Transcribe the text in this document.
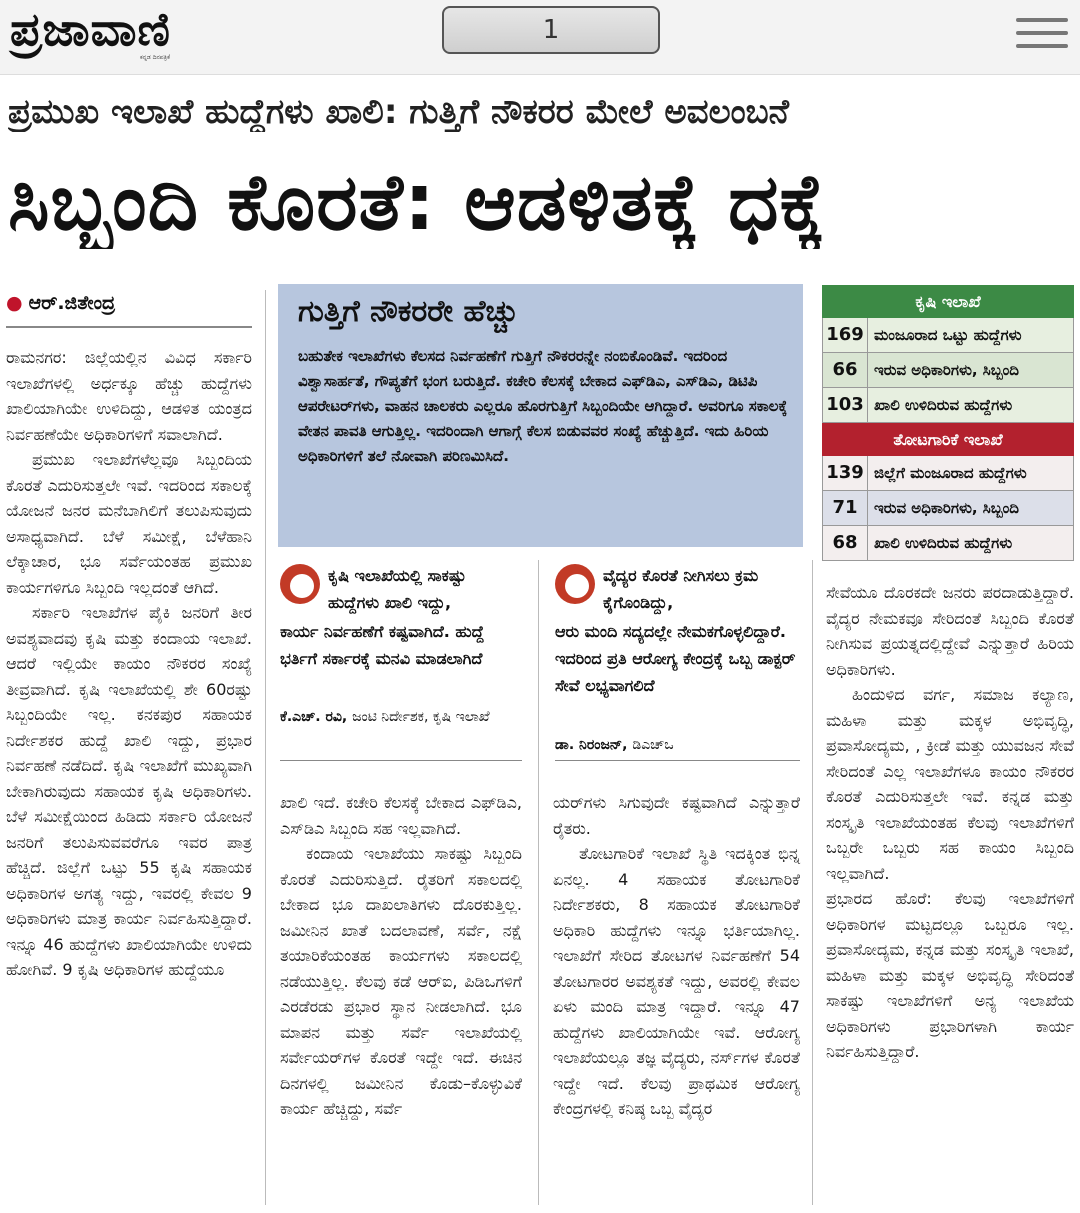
ಪ್ರಜಾವಾಣಿ
ಕನ್ನಡ ದಿನಪತ್ರಿಕೆ
1
ಪ್ರಮುಖ ಇಲಾಖೆ ಹುದ್ದೆಗಳು ಖಾಲಿ: ಗುತ್ತಿಗೆ ನೌಕರರ ಮೇಲೆ ಅವಲಂಬನೆ
ಸಿಬ್ಬಂದಿ ಕೊರತೆ: ಆಡಳಿತಕ್ಕೆ ಧಕ್ಕೆ
● ಆರ್.ಜಿತೇಂದ್ರ

ರಾಮನಗರ: ಜಿಲ್ಲೆಯಲ್ಲಿನ ವಿವಿಧ ಸರ್ಕಾರಿ ಇಲಾಖೆಗಳಲ್ಲಿ ಅರ್ಧಕ್ಕೂ ಹೆಚ್ಚು ಹುದ್ದೆಗಳು ಖಾಲಿಯಾಗಿಯೇ ಉಳಿದಿದ್ದು, ಆಡಳಿತ ಯಂತ್ರದ ನಿರ್ವಹಣೆಯೇ ಅಧಿಕಾರಿಗಳಿಗೆ ಸವಾಲಾಗಿದೆ.

ಪ್ರಮುಖ ಇಲಾಖೆಗಳೆಲ್ಲವೂ ಸಿಬ್ಬಂದಿಯ ಕೊರತೆ ಎದುರಿಸುತ್ತಲೇ ಇವೆ. ಇದರಿಂದ ಸಕಾಲಕ್ಕೆ ಯೋಜನೆ ಜನರ ಮನೆಬಾಗಿಲಿಗೆ ತಲುಪಿಸುವುದು ಅಸಾಧ್ಯವಾಗಿದೆ. ಬೆಳೆ ಸಮೀಕ್ಷೆ, ಬೆಳೆಹಾನಿ ಲೆಕ್ಕಾಚಾರ, ಭೂ ಸರ್ವೆಯಂತಹ ಪ್ರಮುಖ ಕಾರ್ಯಗಳಿಗೂ ಸಿಬ್ಬಂದಿ ಇಲ್ಲದಂತೆ ಆಗಿದೆ.

ಸರ್ಕಾರಿ ಇಲಾಖೆಗಳ ಪೈಕಿ ಜನರಿಗೆ ತೀರ ಅವಶ್ಯವಾದವು ಕೃಷಿ ಮತ್ತು ಕಂದಾಯ ಇಲಾಖೆ. ಆದರೆ ಇಲ್ಲಿಯೇ ಕಾಯಂ ನೌಕರರ ಸಂಖ್ಯೆ ತೀವ್ರವಾಗಿದೆ. ಕೃಷಿ ಇಲಾಖೆಯಲ್ಲಿ ಶೇ 60ರಷ್ಟು ಸಿಬ್ಬಂದಿಯೇ ಇಲ್ಲ. ಕನಕಪುರ ಸಹಾಯಕ ನಿರ್ದೇಶಕರ ಹುದ್ದೆ ಖಾಲಿ ಇದ್ದು, ಪ್ರಭಾರ ನಿರ್ವಹಣೆ ನಡೆದಿದೆ. ಕೃಷಿ ಇಲಾಖೆಗೆ ಮುಖ್ಯವಾಗಿ ಬೇಕಾಗಿರುವುದು ಸಹಾಯಕ ಕೃಷಿ ಅಧಿಕಾರಿಗಳು. ಬೆಳೆ ಸಮೀಕ್ಷೆಯಿಂದ ಹಿಡಿದು ಸರ್ಕಾರಿ ಯೋಜನೆ ಜನರಿಗೆ ತಲುಪಿಸುವವರೆಗೂ ಇವರ ಪಾತ್ರ ಹೆಚ್ಚಿದೆ. ಜಿಲ್ಲೆಗೆ ಒಟ್ಟು 55 ಕೃಷಿ ಸಹಾಯಕ ಅಧಿಕಾರಿಗಳ ಅಗತ್ಯ ಇದ್ದು, ಇವರಲ್ಲಿ ಕೇವಲ 9 ಅಧಿಕಾರಿಗಳು ಮಾತ್ರ ಕಾರ್ಯ ನಿರ್ವಹಿಸುತ್ತಿದ್ದಾರೆ. ಇನ್ನೂ 46 ಹುದ್ದೆಗಳು ಖಾಲಿಯಾಗಿಯೇ ಉಳಿದು ಹೋಗಿವೆ. 9 ಕೃಷಿ ಅಧಿಕಾರಿಗಳ ಹುದ್ದೆಯೂ

ಗುತ್ತಿಗೆ ನೌಕರರೇ ಹೆಚ್ಚು
ಬಹುತೇಕ ಇಲಾಖೆಗಳು ಕೆಲಸದ ನಿರ್ವಹಣೆಗೆ ಗುತ್ತಿಗೆ ನೌಕರರನ್ನೇ ನಂಬಿಕೊಂಡಿವೆ. ಇದರಿಂದ ವಿಶ್ವಾಸಾರ್ಹತೆ, ಗೌಪ್ಯತೆಗೆ ಭಂಗ ಬರುತ್ತಿದೆ. ಕಚೇರಿ ಕೆಲಸಕ್ಕೆ ಬೇಕಾದ ಎಫ್‌ಡಿಎ, ಎಸ್‌ಡಿಎ, ಡಿಟಿಪಿ ಆಪರೇಟರ್‌ಗಳು, ವಾಹನ ಚಾಲಕರು ಎಲ್ಲರೂ ಹೊರಗುತ್ತಿಗೆ ಸಿಬ್ಬಂದಿಯೇ ಆಗಿದ್ದಾರೆ. ಅವರಿಗೂ ಸಕಾಲಕ್ಕೆ ವೇತನ ಪಾವತಿ ಆಗುತ್ತಿಲ್ಲ. ಇದರಿಂದಾಗಿ ಆಗಾಗ್ಗೆ ಕೆಲಸ ಬಿಡುವವರ ಸಂಖ್ಯೆ ಹೆಚ್ಚುತ್ತಿದೆ. ಇದು ಹಿರಿಯ ಅಧಿಕಾರಿಗಳಿಗೆ ತಲೆ ನೋವಾಗಿ ಪರಿಣಮಿಸಿದೆ.
ಕೃಷಿ ಇಲಾಖೆಯಲ್ಲಿ ಸಾಕಷ್ಟು ಹುದ್ದೆಗಳು ಖಾಲಿ ಇದ್ದು,
ಕಾರ್ಯ ನಿರ್ವಹಣೆಗೆ ಕಷ್ಟವಾಗಿದೆ. ಹುದ್ದೆ ಭರ್ತಿಗೆ ಸರ್ಕಾರಕ್ಕೆ ಮನವಿ ಮಾಡಲಾಗಿದೆ
ಕೆ.ಎಚ್‌. ರವಿ, ಜಂಟಿ ನಿರ್ದೇಶಕ, ಕೃಷಿ ಇಲಾಖೆ
ವೈದ್ಯರ ಕೊರತೆ ನೀಗಿಸಲು ಕ್ರಮ ಕೈಗೊಂಡಿದ್ದು,
ಆರು ಮಂದಿ ಸದ್ಯದಲ್ಲೇ ನೇಮಕಗೊಳ್ಳಲಿದ್ದಾರೆ. ಇದರಿಂದ ಪ್ರತಿ ಆರೋಗ್ಯ ಕೇಂದ್ರಕ್ಕೆ ಒಬ್ಬ ಡಾಕ್ಟರ್‌ ಸೇವೆ ಲಭ್ಯವಾಗಲಿದೆ
ಡಾ. ನಿರಂಜನ್‌, ಡಿಎಚ್‌ಒ

ಖಾಲಿ ಇದೆ. ಕಚೇರಿ ಕೆಲಸಕ್ಕೆ ಬೇಕಾದ ಎಫ್‌ಡಿಎ, ಎಸ್‌ಡಿಎ ಸಿಬ್ಬಂದಿ ಸಹ ಇಲ್ಲವಾಗಿದೆ.

ಕಂದಾಯ ಇಲಾಖೆಯು ಸಾಕಷ್ಟು ಸಿಬ್ಬಂದಿ ಕೊರತೆ ಎದುರಿಸುತ್ತಿದೆ. ರೈತರಿಗೆ ಸಕಾಲದಲ್ಲಿ ಬೇಕಾದ ಭೂ ದಾಖಲಾತಿಗಳು ದೊರಕುತ್ತಿಲ್ಲ. ಜಮೀನಿನ ಖಾತೆ ಬದಲಾವಣೆ, ಸರ್ವೆ, ನಕ್ಷೆ ತಯಾರಿಕೆಯಂತಹ ಕಾರ್ಯಗಳು ಸಕಾಲದಲ್ಲಿ ನಡೆಯುತ್ತಿಲ್ಲ. ಕೆಲವು ಕಡೆ ಆರ್‌ಐ, ಪಿಡಿಒಗಳಿಗೆ ಎರಡೆರಡು ಪ್ರಭಾರ ಸ್ಥಾನ ನೀಡಲಾಗಿದೆ. ಭೂ ಮಾಪನ ಮತ್ತು ಸರ್ವೆ ಇಲಾಖೆಯಲ್ಲಿ ಸರ್ವೇಯರ್‌ಗಳ ಕೊರತೆ ಇದ್ದೇ ಇದೆ. ಈಚಿನ ದಿನಗಳಲ್ಲಿ ಜಮೀನಿನ ಕೊಡು–ಕೊಳ್ಳುವಿಕೆ ಕಾರ್ಯ ಹೆಚ್ಚಿದ್ದು, ಸರ್ವೆ

ಯರ್‌ಗಳು ಸಿಗುವುದೇ ಕಷ್ಟವಾಗಿದೆ ಎನ್ನುತ್ತಾರೆ ರೈತರು.

ತೋಟಗಾರಿಕೆ ಇಲಾಖೆ ಸ್ಥಿತಿ ಇದಕ್ಕಿಂತ ಭಿನ್ನ ಏನಲ್ಲ. 4 ಸಹಾಯಕ ತೋಟಗಾರಿಕೆ ನಿರ್ದೇಶಕರು, 8 ಸಹಾಯಕ ತೋಟಗಾರಿಕೆ ಅಧಿಕಾರಿ ಹುದ್ದೆಗಳು ಇನ್ನೂ ಭರ್ತಿಯಾಗಿಲ್ಲ. ಇಲಾಖೆಗೆ ಸೇರಿದ ತೋಟಗಳ ನಿರ್ವಹಣೆಗೆ 54 ತೋಟಗಾರರ ಅವಶ್ಯಕತೆ ಇದ್ದು, ಅವರಲ್ಲಿ ಕೇವಲ ಏಳು ಮಂದಿ ಮಾತ್ರ ಇದ್ದಾರೆ. ಇನ್ನೂ 47 ಹುದ್ದೆಗಳು ಖಾಲಿಯಾಗಿಯೇ ಇವೆ. ಆರೋಗ್ಯ ಇಲಾಖೆಯಲ್ಲೂ ತಜ್ಞ ವೈದ್ಯರು, ನರ್ಸ್‌ಗಳ ಕೊರತೆ ಇದ್ದೇ ಇದೆ. ಕೆಲವು ಪ್ರಾಥಮಿಕ ಆರೋಗ್ಯ ಕೇಂದ್ರಗಳಲ್ಲಿ ಕನಿಷ್ಠ ಒಬ್ಬ ವೈದ್ಯರ

ಕೃಷಿ ಇಲಾಖೆ
169 ಮಂಜೂರಾದ ಒಟ್ಟು ಹುದ್ದೆಗಳು
66	ಇರುವ ಅಧಿಕಾರಿಗಳು, ಸಿಬ್ಬಂದಿ
103 ಖಾಲಿ ಉಳಿದಿರುವ ಹುದ್ದೆಗಳು
ತೋಟಗಾರಿಕೆ ಇಲಾಖೆ
139 ಜಿಲ್ಲೆಗೆ ಮಂಜೂರಾದ ಹುದ್ದೆಗಳು
71	ಇರುವ ಅಧಿಕಾರಿಗಳು, ಸಿಬ್ಬಂದಿ
68	ಖಾಲಿ ಉಳಿದಿರುವ ಹುದ್ದೆಗಳು

ಸೇವೆಯೂ ದೊರಕದೇ ಜನರು ಪರದಾಡುತ್ತಿದ್ದಾರೆ. ವೈದ್ಯರ ನೇಮಕವೂ ಸೇರಿದಂತೆ ಸಿಬ್ಬಂದಿ ಕೊರತೆ ನೀಗಿಸುವ ಪ್ರಯತ್ನದಲ್ಲಿದ್ದೇವೆ ಎನ್ನುತ್ತಾರೆ ಹಿರಿಯ ಅಧಿಕಾರಿಗಳು.

ಹಿಂದುಳಿದ ವರ್ಗ, ಸಮಾಜ ಕಲ್ಯಾಣ, ಮಹಿಳಾ ಮತ್ತು ಮಕ್ಕಳ ಅಭಿವೃದ್ಧಿ, ಪ್ರವಾಸೋದ್ಯಮ, , ಕ್ರೀಡೆ ಮತ್ತು ಯುವಜನ ಸೇವೆ ಸೇರಿದಂತೆ ಎಲ್ಲ ಇಲಾಖೆಗಳೂ ಕಾಯಂ ನೌಕರರ ಕೊರತೆ ಎದುರಿಸುತ್ತಲೇ ಇವೆ. ಕನ್ನಡ ಮತ್ತು ಸಂಸ್ಕೃತಿ ಇಲಾಖೆಯಂತಹ ಕೆಲವು ಇಲಾಖೆಗಳಿಗೆ ಒಬ್ಬರೇ ಒಬ್ಬರು ಸಹ ಕಾಯಂ ಸಿಬ್ಬಂದಿ ಇಲ್ಲವಾಗಿದೆ.

ಪ್ರಭಾರದ ಹೊರೆ: ಕೆಲವು ಇಲಾಖೆಗಳಿಗೆ ಅಧಿಕಾರಿಗಳ ಮಟ್ಟದಲ್ಲೂ ಒಬ್ಬರೂ ಇಲ್ಲ. ಪ್ರವಾಸೋದ್ಯಮ, ಕನ್ನಡ ಮತ್ತು ಸಂಸ್ಕೃತಿ ಇಲಾಖೆ, ಮಹಿಳಾ ಮತ್ತು ಮಕ್ಕಳ ಅಭಿವೃದ್ಧಿ ಸೇರಿದಂತೆ ಸಾಕಷ್ಟು ಇಲಾಖೆಗಳಿಗೆ ಅನ್ಯ ಇಲಾಖೆಯ ಅಧಿಕಾರಿಗಳು ಪ್ರಭಾರಿಗಳಾಗಿ ಕಾರ್ಯ ನಿರ್ವಹಿಸುತ್ತಿದ್ದಾರೆ.
